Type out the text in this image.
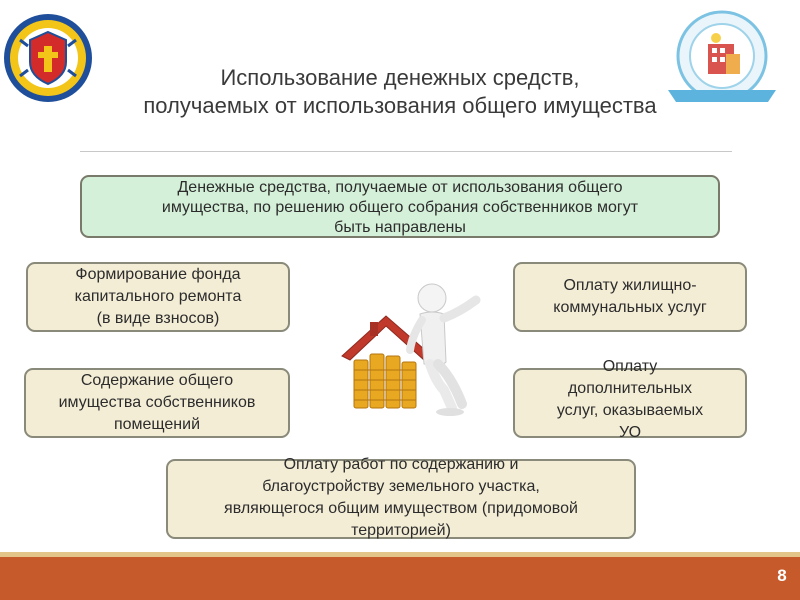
Использование денежных средств,
получаемых от использования общего имущества
Денежные средства, получаемые от использования общего
имущества, по решению общего собрания собственников могут
быть направлены
Формирование фонда
капитального ремонта
(в виде взносов)
Оплату жилищно-
коммунальных услуг
Содержание общего
имущества собственников
помещений
Оплату
дополнительных
услуг, оказываемых
УО
Оплату работ по содержанию и
благоустройству земельного участка,
являющегося общим имуществом (придомовой
территорией)
8
